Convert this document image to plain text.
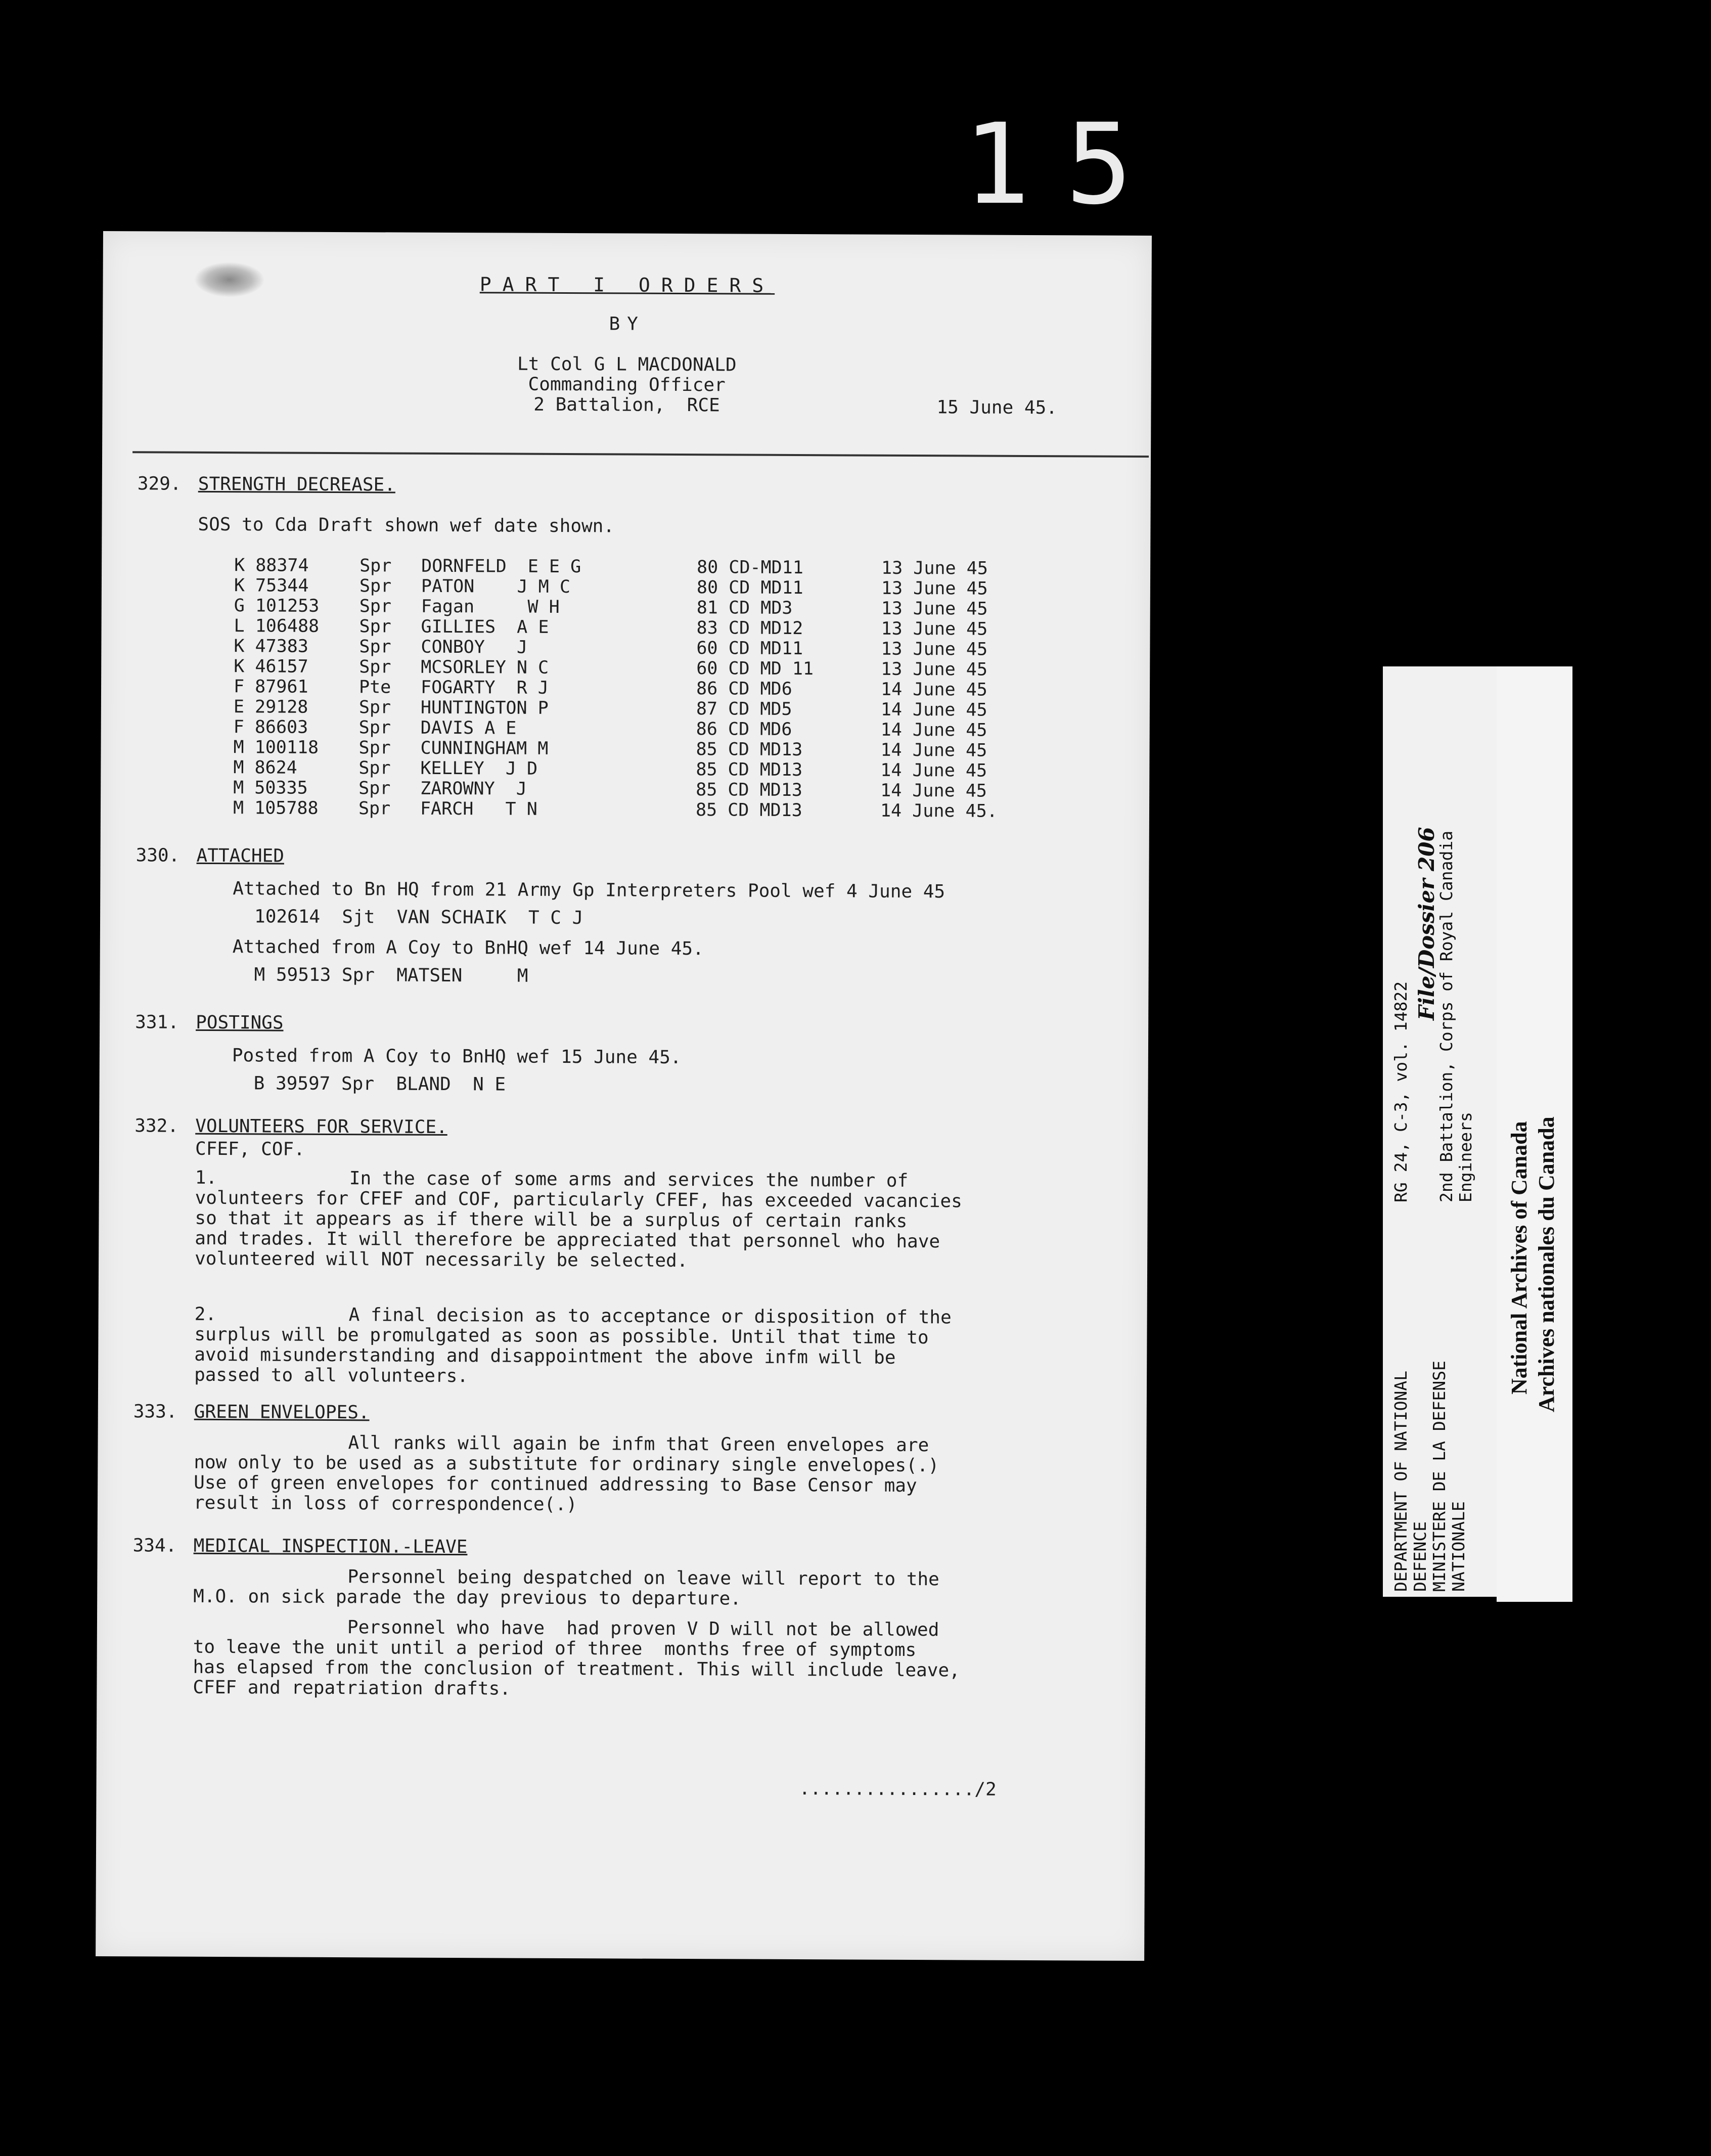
15
PART I ORDERS
BY
Lt Col G L MACDONALD
Commanding Officer
2 Battalion,  RCE	15 June 45.
329. STRENGTH DECREASE.
SOS to Cda Draft shown wef date shown.
K 88374	Spr DORNFELD  E E G	80 CD-MD11	13 June 45
K 75344	Spr PATON    J M C	80 CD MD11	13 June 45
G 101253 Spr Fagan     W H	81 CD MD3	13 June 45
L 106488 Spr GILLIES  A E	83 CD MD12	13 June 45
K 47383	Spr CONBOY   J	60 CD MD11	13 June 45
K 46157	Spr MCSORLEY N C	60 CD MD 11	13 June 45
F 87961	Pte FOGARTY  R J	86 CD MD6	14 June 45
E 29128	Spr HUNTINGTON P	87 CD MD5	14 June 45
F 86603	Spr DAVIS A E	86 CD MD6	14 June 45
M 100118 Spr CUNNINGHAM M	85 CD MD13	14 June 45
M 8624	Spr KELLEY  J D	85 CD MD13	14 June 45
M 50335	Spr ZAROWNY  J	85 CD MD13	14 June 45
M 105788 Spr FARCH   T N	85 CD MD13	14 June 45.
330. ATTACHED
Attached to Bn HQ from 21 Army Gp Interpreters Pool wef 4 June 45
102614  Sjt  VAN SCHAIK  T C J
Attached from A Coy to BnHQ wef 14 June 45.
M 59513 Spr  MATSEN     M
331. POSTINGS
Posted from A Coy to BnHQ wef 15 June 45.
B 39597 Spr  BLAND  N E
332. VOLUNTEERS FOR SERVICE.
CFEF, COF.
1.	In the case of some arms and services the number of
volunteers for CFEF and COF, particularly CFEF, has exceeded vacancies
so that it appears as if there will be a surplus of certain ranks
and trades. It will therefore be appreciated that personnel who have
volunteered will NOT necessarily be selected.
2.	A final decision as to acceptance or disposition of the
surplus will be promulgated as soon as possible. Until that time to
avoid misunderstanding and disappointment the above infm will be
passed to all volunteers.
333. GREEN ENVELOPES.
All ranks will again be infm that Green envelopes are
now only to be used as a substitute for ordinary single envelopes(.)
Use of green envelopes for continued addressing to Base Censor may
result in loss of correspondence(.)
334. MEDICAL INSPECTION.-LEAVE
Personnel being despatched on leave will report to the
M.O. on sick parade the day previous to departure.
Personnel who have  had proven V D will not be allowed
to leave the unit until a period of three  months free of symptoms
has elapsed from the conclusion of treatment. This will include leave,
CFEF and repatriation drafts.
................/2
RG 24, C-3, vol. 14822
File/Dossier 206
2nd Battalion, Corps of Royal Canadia Engineers
DEPARTMENT OF NATIONAL DEFENCE MINISTERE DE LA DEFENSE NATIONALE
National Archives of Canada Archives nationales du Canada
